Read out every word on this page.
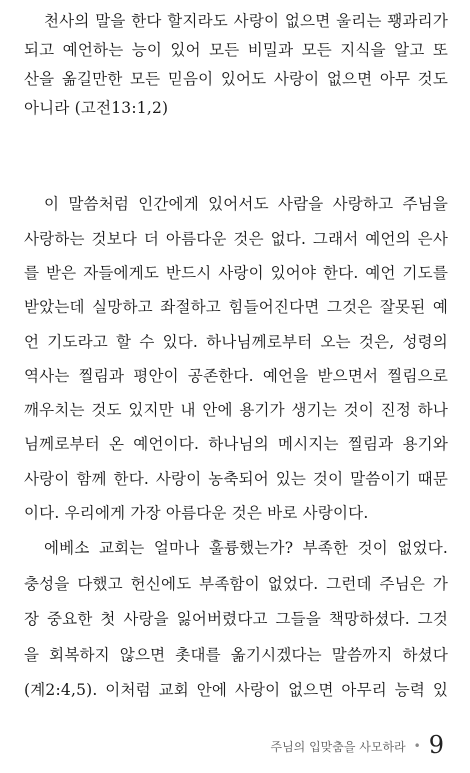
천사의 말을 한다 할지라도 사랑이 없으면 울리는 꽹과리가
되고 예언하는 능이 있어 모든 비밀과 모든 지식을 알고 또
산을 옮길만한 모든 믿음이 있어도 사랑이 없으면 아무 것도
아니라 (고전13:1,2)
이 말씀처럼 인간에게 있어서도 사람을 사랑하고 주님을
사랑하는 것보다 더 아름다운 것은 없다. 그래서 예언의 은사
를 받은 자들에게도 반드시 사랑이 있어야 한다. 예언 기도를
받았는데 실망하고 좌절하고 힘들어진다면 그것은 잘못된 예
언 기도라고 할 수 있다. 하나님께로부터 오는 것은, 성령의
역사는 찔림과 평안이 공존한다. 예언을 받으면서 찔림으로
깨우치는 것도 있지만 내 안에 용기가 생기는 것이 진정 하나
님께로부터 온 예언이다. 하나님의 메시지는 찔림과 용기와
사랑이 함께 한다. 사랑이 농축되어 있는 것이 말씀이기 때문
이다. 우리에게 가장 아름다운 것은 바로 사랑이다.
에베소 교회는 얼마나 훌륭했는가? 부족한 것이 없었다.
충성을 다했고 헌신에도 부족함이 없었다. 그런데 주님은 가
장 중요한 첫 사랑을 잃어버렸다고 그들을 책망하셨다. 그것
을 회복하지 않으면 촛대를 옮기시겠다는 말씀까지 하셨다
(계2:4,5). 이처럼 교회 안에 사랑이 없으면 아무리 능력 있
주님의 입맞춤을 사모하라 • 9
